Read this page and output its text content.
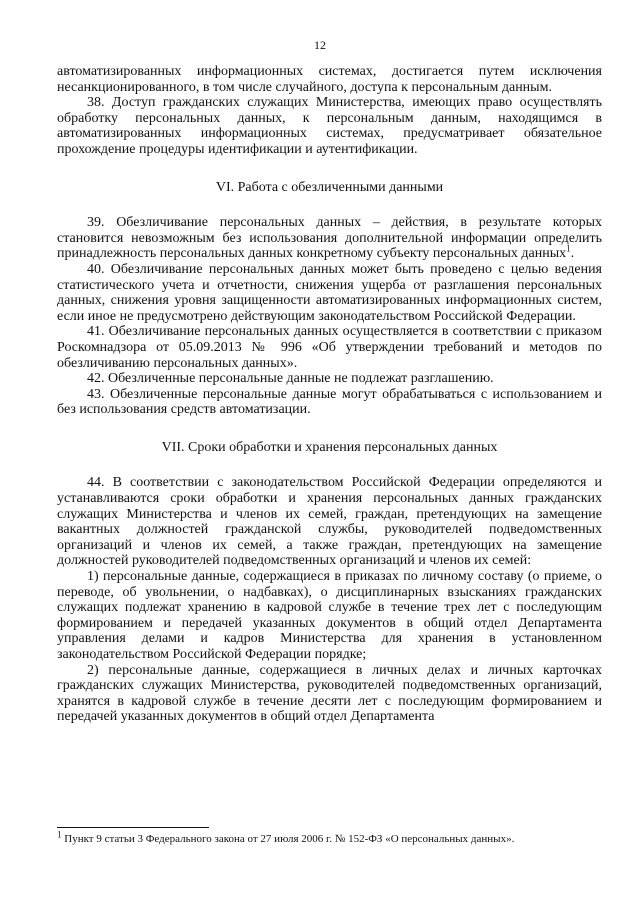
12

автоматизированных информационных системах, достигается путем исключения несанкционированного, в том числе случайного, доступа к персональным данным.

38. Доступ гражданских служащих Министерства, имеющих право осуществлять обработку персональных данных, к персональным данным, находящимся в автоматизированных информационных системах, предусматривает обязательное прохождение процедуры идентификации и аутентификации.

VI. Работа с обезличенными данными

39. Обезличивание персональных данных – действия, в результате которых становится невозможным без использования дополнительной информации определить принадлежность персональных данных конкретному субъекту персональных данных$^1$.

40. Обезличивание персональных данных может быть проведено с целью ведения статистического учета и отчетности, снижения ущерба от разглашения персональных данных, снижения уровня защищенности автоматизированных информационных систем, если иное не предусмотрено действующим законодательством Российской Федерации.

41. Обезличивание персональных данных осуществляется в соответствии с приказом Роскомнадзора от 05.09.2013 № 996 «Об утверждении требований и методов по обезличиванию персональных данных».

42. Обезличенные персональные данные не подлежат разглашению.

43. Обезличенные персональные данные могут обрабатываться с использованием и без использования средств автоматизации.

VII. Сроки обработки и хранения персональных данных

44. В соответствии с законодательством Российской Федерации определяются и устанавливаются сроки обработки и хранения персональных данных гражданских служащих Министерства и членов их семей, граждан, претендующих на замещение вакантных должностей гражданской службы, руководителей подведомственных организаций и членов их семей, а также граждан, претендующих на замещение должностей руководителей подведомственных организаций и членов их семей:

1) персональные данные, содержащиеся в приказах по личному составу (о приеме, о переводе, об увольнении, о надбавках), о дисциплинарных взысканиях гражданских служащих подлежат хранению в кадровой службе в течение трех лет с последующим формированием и передачей указанных документов в общий отдел Департамента управления делами и кадров Министерства для хранения в установленном законодательством Российской Федерации порядке;

2) персональные данные, содержащиеся в личных делах и личных карточках гражданских служащих Министерства, руководителей подведомственных организаций, хранятся в кадровой службе в течение десяти лет с последующим формированием и передачей указанных документов в общий отдел Департамента

$^1$ Пункт 9 статьи 3 Федерального закона от 27 июля 2006 г. № 152-ФЗ «О персональных данных».
